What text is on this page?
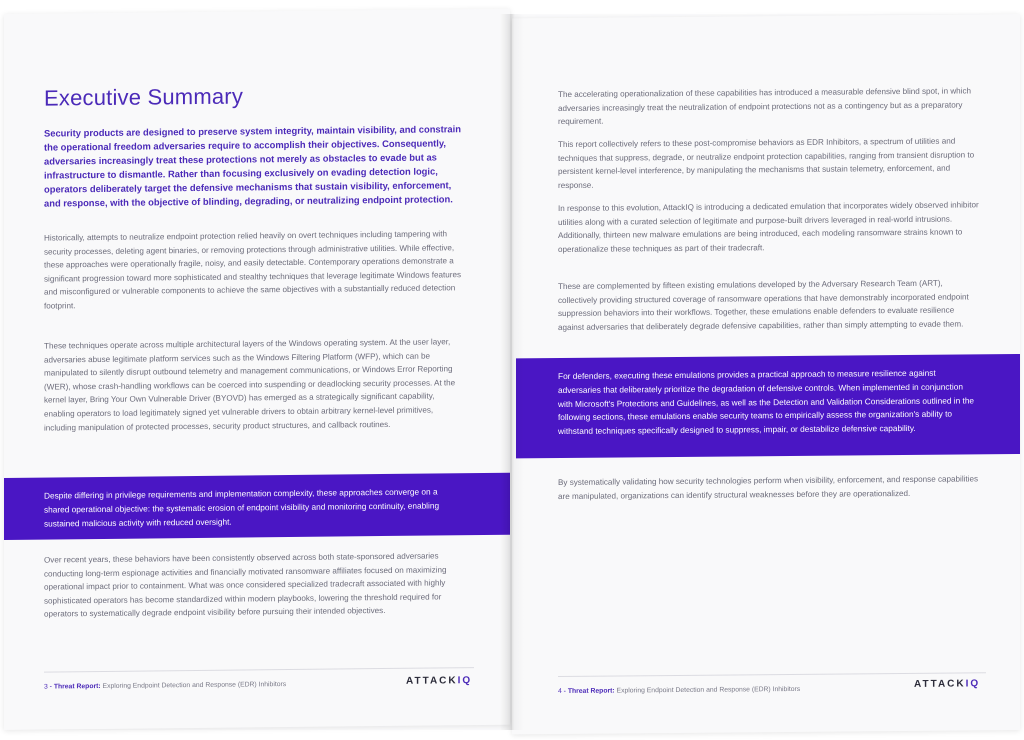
Executive Summary
Security products are designed to preserve system integrity, maintain visibility, and constrain the operational freedom adversaries require to accomplish their objectives. Consequently, adversaries increasingly treat these protections not merely as obstacles to evade but as infrastructure to dismantle. Rather than focusing exclusively on evading detection logic, operators deliberately target the defensive mechanisms that sustain visibility, enforcement, and response, with the objective of blinding, degrading, or neutralizing endpoint protection.
Historically, attempts to neutralize endpoint protection relied heavily on overt techniques including tampering with security processes, deleting agent binaries, or removing protections through administrative utilities. While effective, these approaches were operationally fragile, noisy, and easily detectable. Contemporary operations demonstrate a significant progression toward more sophisticated and stealthy techniques that leverage legitimate Windows features and misconfigured or vulnerable components to achieve the same objectives with a substantially reduced detection footprint.
These techniques operate across multiple architectural layers of the Windows operating system. At the user layer, adversaries abuse legitimate platform services such as the Windows Filtering Platform (WFP), which can be manipulated to silently disrupt outbound telemetry and management communications, or Windows Error Reporting (WER), whose crash-handling workflows can be coerced into suspending or deadlocking security processes. At the kernel layer, Bring Your Own Vulnerable Driver (BYOVD) has emerged as a strategically significant capability, enabling operators to load legitimately signed yet vulnerable drivers to obtain arbitrary kernel-level primitives, including manipulation of protected processes, security product structures, and callback routines.
Despite differing in privilege requirements and implementation complexity, these approaches converge on a shared operational objective: the systematic erosion of endpoint visibility and monitoring continuity, enabling sustained malicious activity with reduced oversight.
Over recent years, these behaviors have been consistently observed across both state-sponsored adversaries conducting long-term espionage activities and financially motivated ransomware affiliates focused on maximizing operational impact prior to containment. What was once considered specialized tradecraft associated with highly sophisticated operators has become standardized within modern playbooks, lowering the threshold required for operators to systematically degrade endpoint visibility before pursuing their intended objectives.
3 - Threat Report: Exploring Endpoint Detection and Response (EDR) Inhibitors	ATTACKIQ
The accelerating operationalization of these capabilities has introduced a measurable defensive blind spot, in which adversaries increasingly treat the neutralization of endpoint protections not as a contingency but as a preparatory requirement.
This report collectively refers to these post-compromise behaviors as EDR Inhibitors, a spectrum of utilities and techniques that suppress, degrade, or neutralize endpoint protection capabilities, ranging from transient disruption to persistent kernel-level interference, by manipulating the mechanisms that sustain telemetry, enforcement, and response.
In response to this evolution, AttackIQ is introducing a dedicated emulation that incorporates widely observed inhibitor utilities along with a curated selection of legitimate and purpose-built drivers leveraged in real-world intrusions. Additionally, thirteen new malware emulations are being introduced, each modeling ransomware strains known to operationalize these techniques as part of their tradecraft.
These are complemented by fifteen existing emulations developed by the Adversary Research Team (ART), collectively providing structured coverage of ransomware operations that have demonstrably incorporated endpoint suppression behaviors into their workflows. Together, these emulations enable defenders to evaluate resilience against adversaries that deliberately degrade defensive capabilities, rather than simply attempting to evade them.
For defenders, executing these emulations provides a practical approach to measure resilience against adversaries that deliberately prioritize the degradation of defensive controls. When implemented in conjunction with Microsoft's Protections and Guidelines, as well as the Detection and Validation Considerations outlined in the following sections, these emulations enable security teams to empirically assess the organization's ability to withstand techniques specifically designed to suppress, impair, or destabilize defensive capability.
By systematically validating how security technologies perform when visibility, enforcement, and response capabilities are manipulated, organizations can identify structural weaknesses before they are operationalized.
4 - Threat Report: Exploring Endpoint Detection and Response (EDR) Inhibitors
ATTACKIQ
